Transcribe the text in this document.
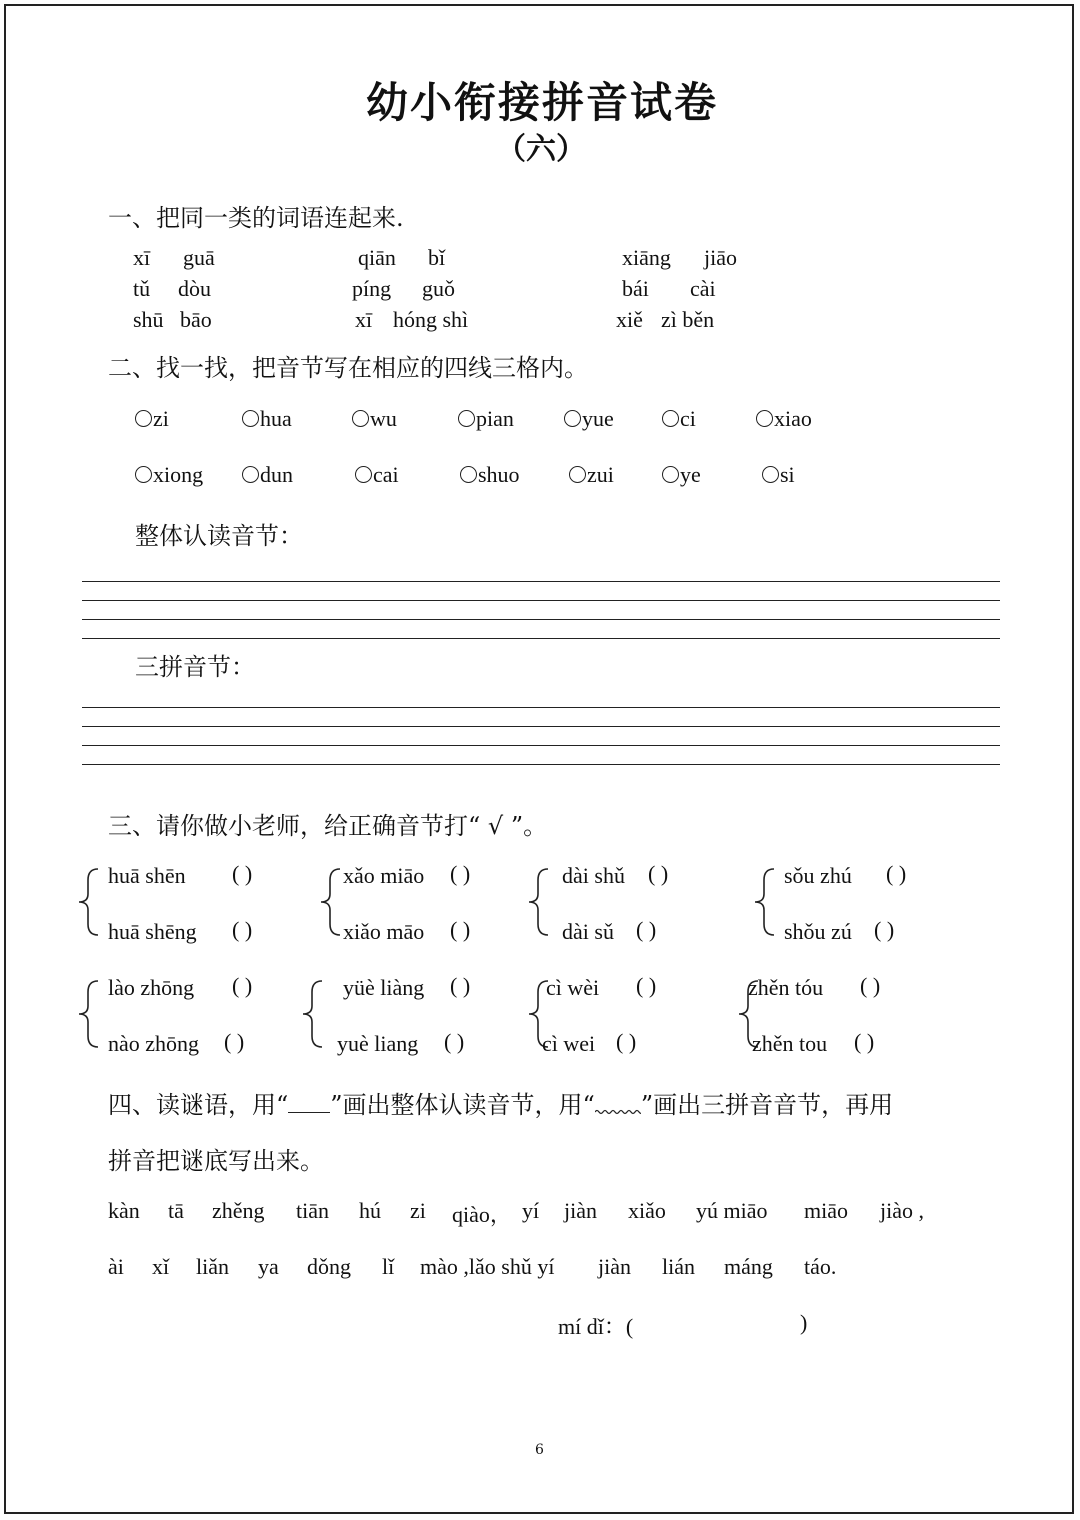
幼小衔接拼音试卷
（六）
一、把同一类的词语连起来.
xī guā	qiān bǐ	xiāng jiāo
tǔ dòu	píng guǒ	bái cài
shū bāo	xī hóng shì	xiě zì běn
二、找一找，把音节写在相应的四线三格内。
zi	hua	wu	pian	yue	ci	xiao
xiong	dun	cai	shuo	zui	ye	si
整体认读音节：
三拼音节：
三、请你做小老师，给正确音节打“ √ ”。
huā shēn ( )
huā shēng ( )
xǎo miāo ( )
xiǎo māo ( )
dài shǔ ( )
dài sǔ ( )
sǒu zhú ( )
shǒu zú ( )
lào zhōng ( )
nào zhōng ( )
yüè liàng ( )
yuè liang ( )
cì wèi ( )
cì wei ( )
zhěn tóu ( )
zhěn tou ( )
四、读谜语，用“ ”画出整体认读音节，用“ ”画出三拼音音节，再用
拼音把谜底写出来。
kàn tā zhěng tiān hú zi qiào， yí jiàn xiǎo yú miāo miāo jiào ,
ài xǐ liǎn ya dǒng lǐ mào ,lǎo shǔ yí jiàn lián máng táo.
mí dǐ：(	)
6
